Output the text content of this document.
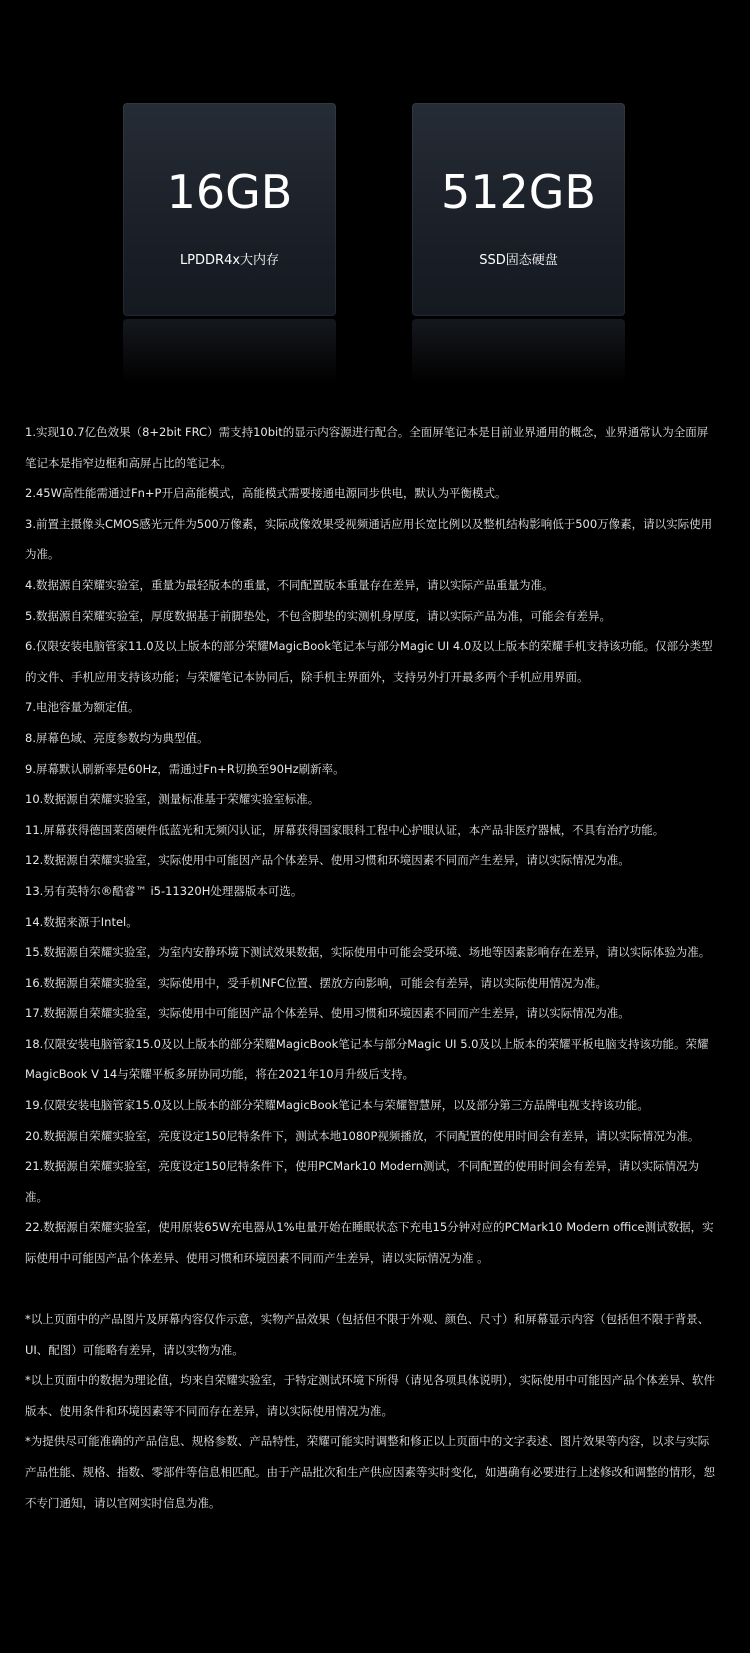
16GB
LPDDR4x大内存
512GB
SSD固态硬盘

1.实现10.7亿色效果（8+2bit FRC）需支持10bit的显示内容源进行配合。全面屏笔记本是目前业界通用的概念，业界通常认为全面屏笔记本是指窄边框和高屏占比的笔记本。

2.45W高性能需通过Fn+P开启高能模式，高能模式需要接通电源同步供电，默认为平衡模式。

3.前置主摄像头CMOS感光元件为500万像素，实际成像效果受视频通话应用长宽比例以及整机结构影响低于500万像素，请以实际使用为准。

4.数据源自荣耀实验室，重量为最轻版本的重量，不同配置版本重量存在差异，请以实际产品重量为准。

5.数据源自荣耀实验室，厚度数据基于前脚垫处，不包含脚垫的实测机身厚度，请以实际产品为准，可能会有差异。

6.仅限安装电脑管家11.0及以上版本的部分荣耀MagicBook笔记本与部分Magic UI 4.0及以上版本的荣耀手机支持该功能。仅部分类型的文件、手机应用支持该功能；与荣耀笔记本协同后，除手机主界面外，支持另外打开最多两个手机应用界面。

7.电池容量为额定值。

8.屏幕色域、亮度参数均为典型值。

9.屏幕默认刷新率是60Hz，需通过Fn+R切换至90Hz刷新率。

10.数据源自荣耀实验室，测量标准基于荣耀实验室标准。

11.屏幕获得德国莱茵硬件低蓝光和无频闪认证，屏幕获得国家眼科工程中心护眼认证，本产品非医疗器械，不具有治疗功能。

12.数据源自荣耀实验室，实际使用中可能因产品个体差异、使用习惯和环境因素不同而产生差异，请以实际情况为准。

13.另有英特尔®酷睿™ i5-11320H处理器版本可选。

14.数据来源于Intel。

15.数据源自荣耀实验室，为室内安静环境下测试效果数据，实际使用中可能会受环境、场地等因素影响存在差异，请以实际体验为准。

16.数据源自荣耀实验室，实际使用中，受手机NFC位置、摆放方向影响，可能会有差异，请以实际使用情况为准。

17.数据源自荣耀实验室，实际使用中可能因产品个体差异、使用习惯和环境因素不同而产生差异，请以实际情况为准。

18.仅限安装电脑管家15.0及以上版本的部分荣耀MagicBook笔记本与部分Magic UI 5.0及以上版本的荣耀平板电脑支持该功能。荣耀MagicBook V 14与荣耀平板多屏协同功能，将在2021年10月升级后支持。

19.仅限安装电脑管家15.0及以上版本的部分荣耀MagicBook笔记本与荣耀智慧屏，以及部分第三方品牌电视支持该功能。

20.数据源自荣耀实验室，亮度设定150尼特条件下，测试本地1080P视频播放，不同配置的使用时间会有差异，请以实际情况为准。

21.数据源自荣耀实验室，亮度设定150尼特条件下，使用PCMark10 Modern测试，不同配置的使用时间会有差异，请以实际情况为准。

22.数据源自荣耀实验室，使用原装65W充电器从1%电量开始在睡眠状态下充电15分钟对应的PCMark10 Modern office测试数据，实际使用中可能因产品个体差异、使用习惯和环境因素不同而产生差异，请以实际情况为准 。

*以上页面中的产品图片及屏幕内容仅作示意，实物产品效果（包括但不限于外观、颜色、尺寸）和屏幕显示内容（包括但不限于背景、UI、配图）可能略有差异，请以实物为准。

*以上页面中的数据为理论值，均来自荣耀实验室，于特定测试环境下所得（请见各项具体说明），实际使用中可能因产品个体差异、软件版本、使用条件和环境因素等不同而存在差异，请以实际使用情况为准。

*为提供尽可能准确的产品信息、规格参数、产品特性，荣耀可能实时调整和修正以上页面中的文字表述、图片效果等内容，以求与实际产品性能、规格、指数、零部件等信息相匹配。由于产品批次和生产供应因素等实时变化，如遇确有必要进行上述修改和调整的情形，恕不专门通知，请以官网实时信息为准。
